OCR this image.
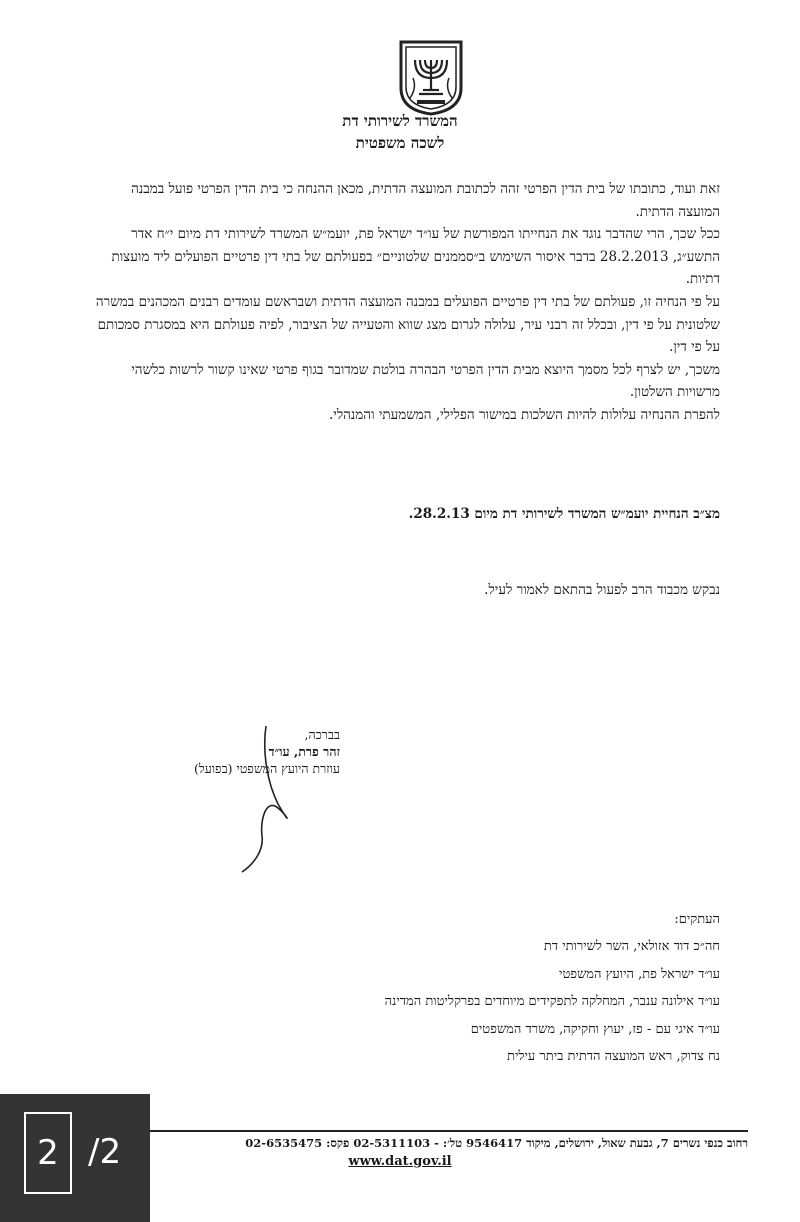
המשרד לשירותי דת
לשכה משפטית

זאת ועוד, כתובתו של בית הדין הפרטי זהה לכתובת המועצה הדתית, מכאן ההנחה כי בית הדין הפרטי פועל במבנה המועצה הדתית.

ככל שכך, הרי שהדבר נוגד את הנחייתו המפורשת של עו״ד ישראל פת, יועמ״ש המשרד לשירותי דת מיום י״ח אדר התשע״ג, 28.2.2013 בדבר איסור השימוש ב״סממנים שלטוניים״ בפעולתם של בתי דין פרטיים הפועלים ליד מועצות דתיות.

על פי הנחיה זו, פעולתם של בתי דין פרטיים הפועלים במבנה המועצה הדתית ושבראשם עומדים רבנים המכהנים במשרה שלטונית על פי דין, ובכלל זה רבני עיר, עלולה לגרום מצג שווא והטעייה של הציבור, לפיה פעולתם היא במסגרת סמכותם על פי דין.

משכך, יש לצרף לכל מסמך היוצא מבית הדין הפרטי הבהרה בולטת שמדובר בגוף פרטי שאינו קשור לרשות כלשהי מרשויות השלטון.

להפרת ההנחיה עלולות להיות השלכות במישור הפלילי, המשמעתי והמנהלי.

מצ״ב הנחיית יועמ״ש המשרד לשירותי דת מיום 28.2.13.
נבקש מכבוד הרב לפעול בהתאם לאמור לעיל.
בברכה,
זהר פרת, עו״ד
עוזרת היועץ המשפטי (בפועל)
העתקים:
חה״כ דוד אזולאי, השר לשירותי דת
עו״ד ישראל פת, היועץ המשפטי
עו״ד אילונה ענבר, המחלקה לתפקידים מיוחדים בפרקליטות המדינה
עו״ד איגי עם - פז, יעוץ וחקיקה, משרד המשפטים
נח צדוק, ראש המועצה הדתית ביתר עילית
רחוב כנפי נשרים 7, גבעת שאול, ירושלים, מיקוד 9546417 טל׳: - 02-5311103 פקס: 02-6535475
www.dat.gov.il
2 /2
